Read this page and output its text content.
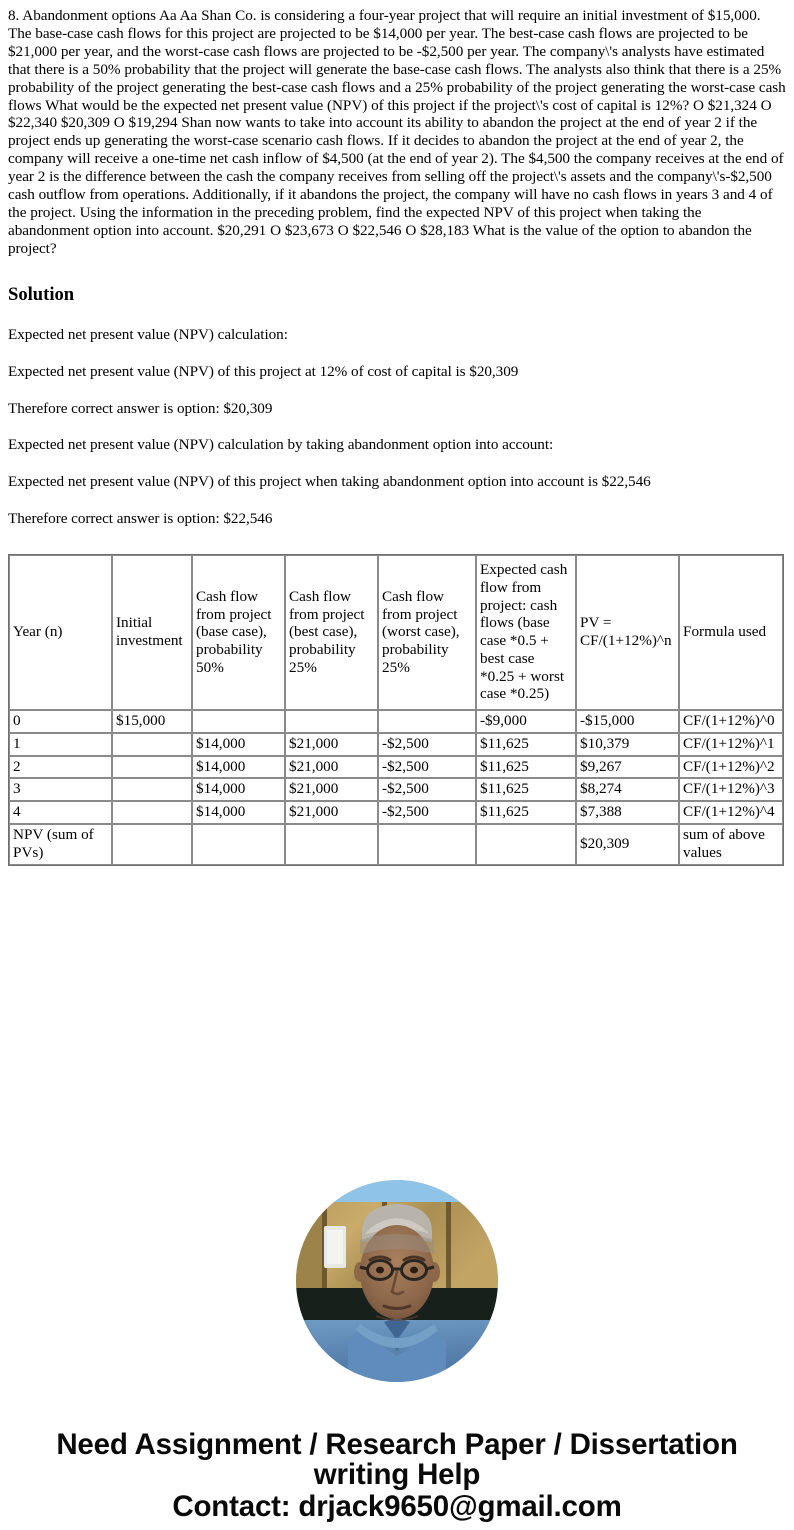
8. Abandonment options Aa Aa Shan Co. is considering a four-year project that will require an initial investment of $15,000. The base-case cash flows for this project are projected to be $14,000 per year. The best-case cash flows are projected to be $21,000 per year, and the worst-case cash flows are projected to be -$2,500 per year. The company\'s analysts have estimated that there is a 50% probability that the project will generate the base-case cash flows. The analysts also think that there is a 25% probability of the project generating the best-case cash flows and a 25% probability of the project generating the worst-case cash flows What would be the expected net present value (NPV) of this project if the project\'s cost of capital is 12%? O $21,324 O $22,340 $20,309 O $19,294 Shan now wants to take into account its ability to abandon the project at the end of year 2 if the project ends up generating the worst-case scenario cash flows. If it decides to abandon the project at the end of year 2, the company will receive a one-time net cash inflow of $4,500 (at the end of year 2). The $4,500 the company receives at the end of year 2 is the difference between the cash the company receives from selling off the project\'s assets and the company\'s-$2,500 cash outflow from operations. Additionally, if it abandons the project, the company will have no cash flows in years 3 and 4 of the project. Using the information in the preceding problem, find the expected NPV of this project when taking the abandonment option into account. $20,291 O $23,673 O $22,546 O $28,183 What is the value of the option to abandon the project?

Solution

Expected net present value (NPV) calculation:

Expected net present value (NPV) of this project at 12% of cost of capital is $20,309

Therefore correct answer is option: $20,309

Expected net present value (NPV) calculation by taking abandonment option into account:

Expected net present value (NPV) of this project when taking abandonment option into account is $22,546

Therefore correct answer is option: $22,546

Year (n)	Initial investment	Cash flow from project (base case), probability 50%	Cash flow from project (best case), probability 25%	Cash flow from project (worst case), probability 25%	Expected cash flow from project: cash flows (base case *0.5 + best case *0.25 + worst case *0.25)	PV = CF/(1+12%)^n	Formula used
0	$15,000				-$9,000	-$15,000	CF/(1+12%)^0
1		$14,000	$21,000	-$2,500	$11,625	$10,379	CF/(1+12%)^1
2		$14,000	$21,000	-$2,500	$11,625	$9,267	CF/(1+12%)^2
3		$14,000	$21,000	-$2,500	$11,625	$8,274	CF/(1+12%)^3
4		$14,000	$21,000	-$2,500	$11,625	$7,388	CF/(1+12%)^4
NPV (sum of PVs)						$20,309	sum of above values
Need Assignment / Research Paper / Dissertation
writing Help
Contact: drjack9650@gmail.com
